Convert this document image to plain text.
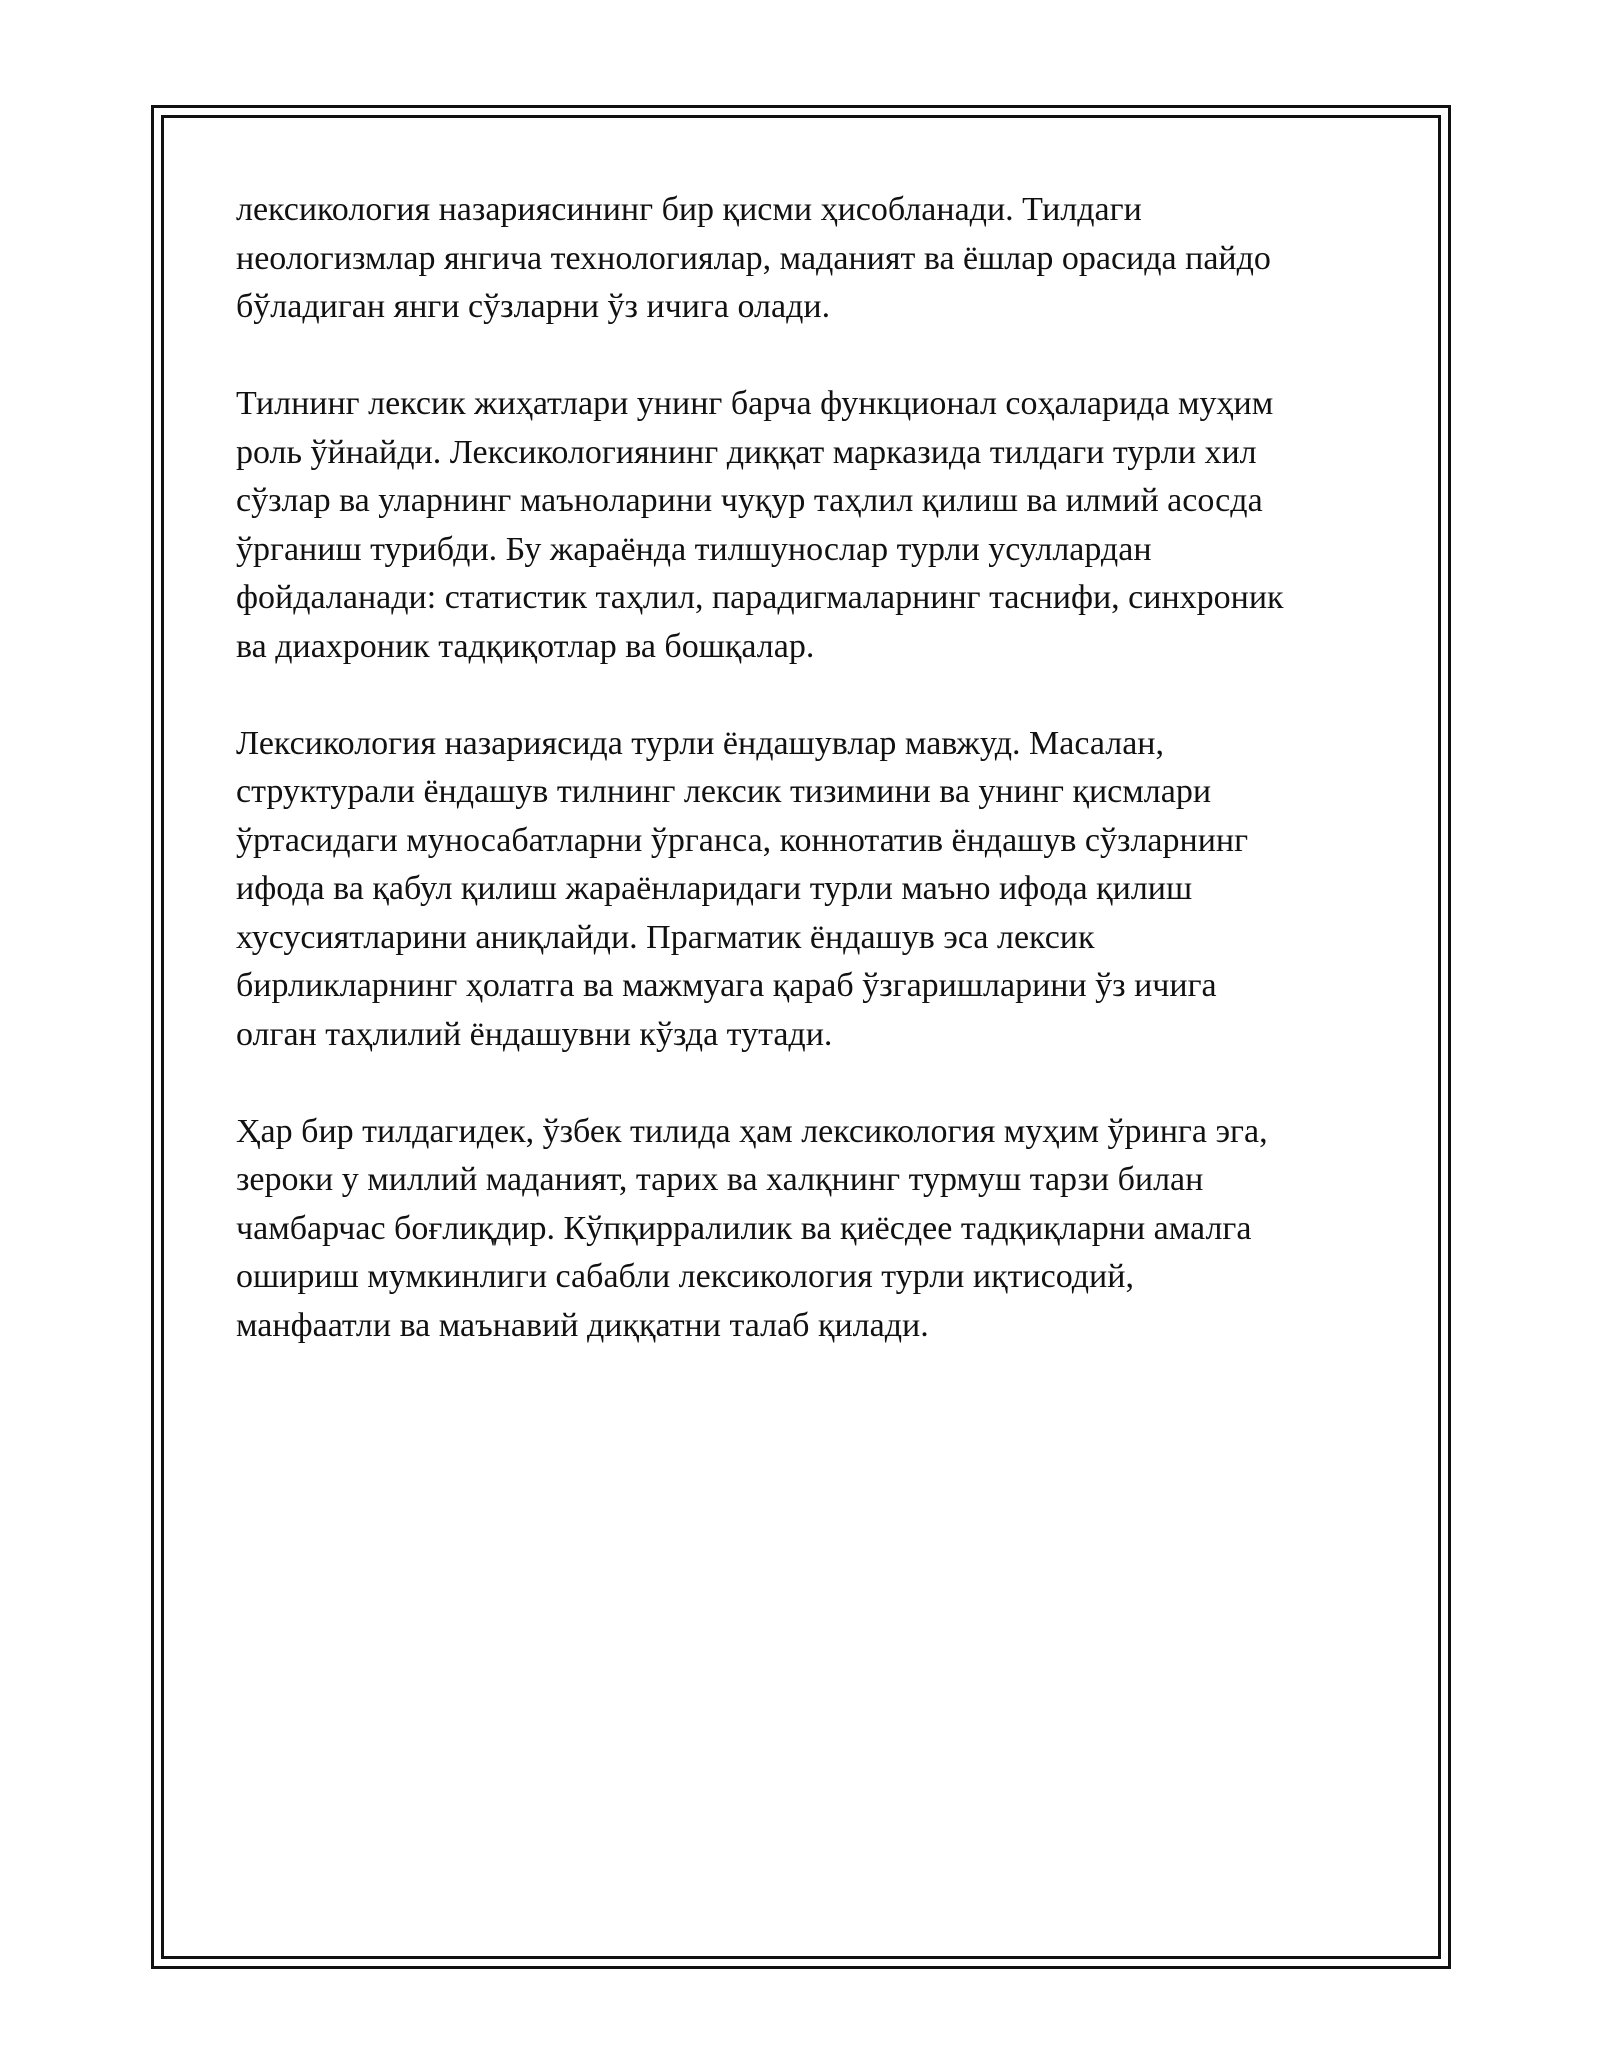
лексикология назариясининг бир қисми ҳисобланади. Тилдаги
неологизмлар янгича технологиялар, маданият ва ёшлар орасида пайдо
бўладиган янги сўзларни ўз ичига олади.

Тилнинг лексик жиҳатлари унинг барча функционал соҳаларида муҳим
роль ўйнайди. Лексикологиянинг диққат марказида тилдаги турли хил
сўзлар ва уларнинг маъноларини чуқур таҳлил қилиш ва илмий асосда
ўрганиш турибди. Бу жараёнда тилшунослар турли усуллардан
фойдаланади: статистик таҳлил, парадигмаларнинг таснифи, синхроник
ва диахроник тадқиқотлар ва бошқалар.

Лексикология назариясида турли ёндашувлар мавжуд. Масалан,
структурали ёндашув тилнинг лексик тизимини ва унинг қисмлари
ўртасидаги муносабатларни ўрганса, коннотатив ёндашув сўзларнинг
ифода ва қабул қилиш жараёнларидаги турли маъно ифода қилиш
хусусиятларини аниқлайди. Прагматик ёндашув эса лексик
бирликларнинг ҳолатга ва мажмуага қараб ўзгаришларини ўз ичига
олган таҳлилий ёндашувни кўзда тутади.

Ҳар бир тилдагидек, ўзбек тилида ҳам лексикология муҳим ўринга эга,
зероки у миллий маданият, тарих ва халқнинг турмуш тарзи билан
чамбарчас боғлиқдир. Кўпқирралилик ва қиёсдее тадқиқларни амалга
ошириш мумкинлиги сабабли лексикология турли иқтисодий,
манфаатли ва маънавий диққатни талаб қилади.
